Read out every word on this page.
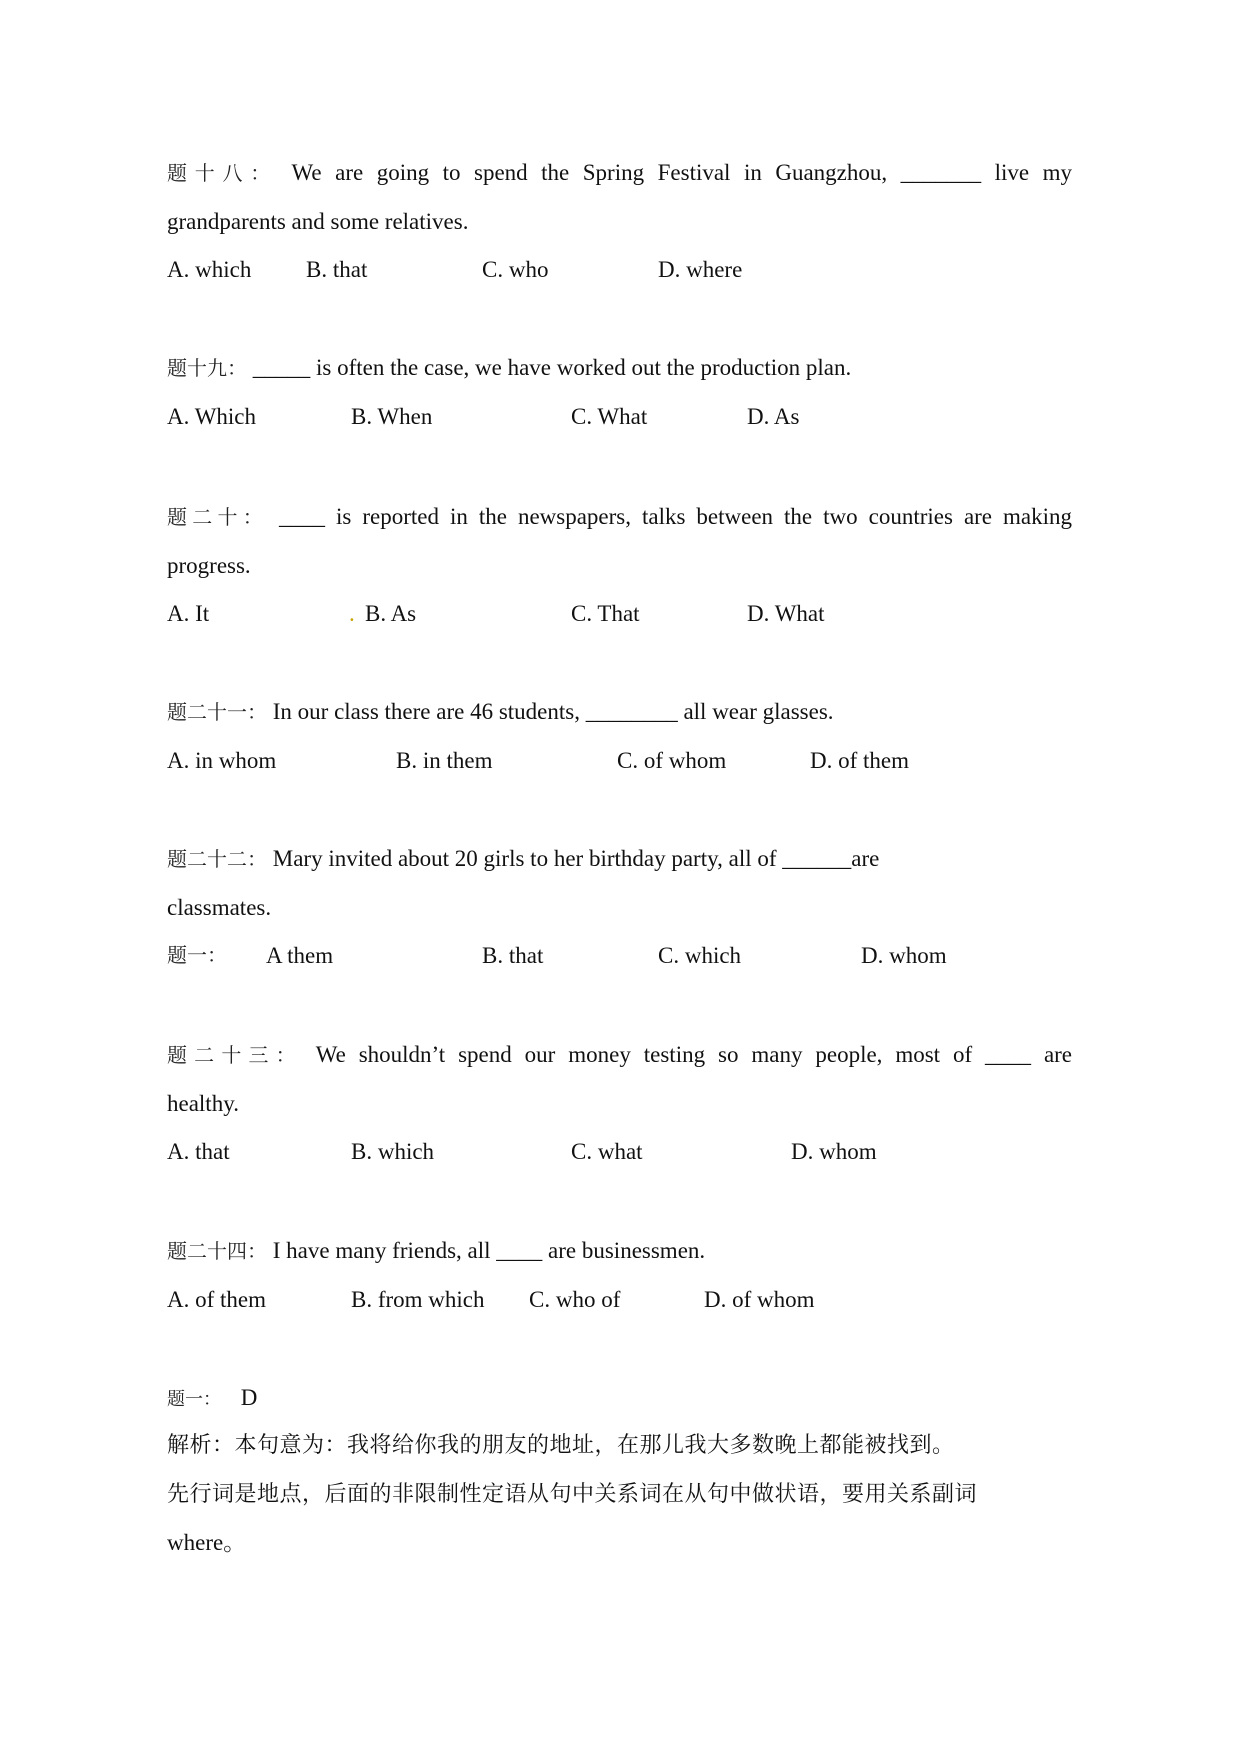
题十八： We are going to spend the Spring Festival in Guangzhou, _______ live my
grandparents and some relatives.
A. which B. that	C. who	D. where
题十九： _____ is often the case, we have worked out the production plan.
A. Which	B. When	C. What	D. As
题二十： ____ is reported in the newspapers, talks between the two countries are making
progress.
A. It	. B. As	C. That	D. What
题二十一： In our class there are 46 students, ________ all wear glasses.
A. in whom	B. in them	C. of whom	D. of them
题二十二： Mary invited about 20 girls to her birthday party, all of ______are
classmates.
题一： A them	B. that	C. which	D. whom
题二十三： We shouldn’t spend our money testing so many people, most of ____ are
healthy.
A. that	B. which	C. what	D. whom
题二十四： I have many friends, all ____ are businessmen.
A. of them	B. from which C. who of	D. of whom
题一： D
解析：本句意为：我将给你我的朋友的地址，在那儿我大多数晚上都能被找到。
先行词是地点，后面的非限制性定语从句中关系词在从句中做状语，要用关系副词
where。
